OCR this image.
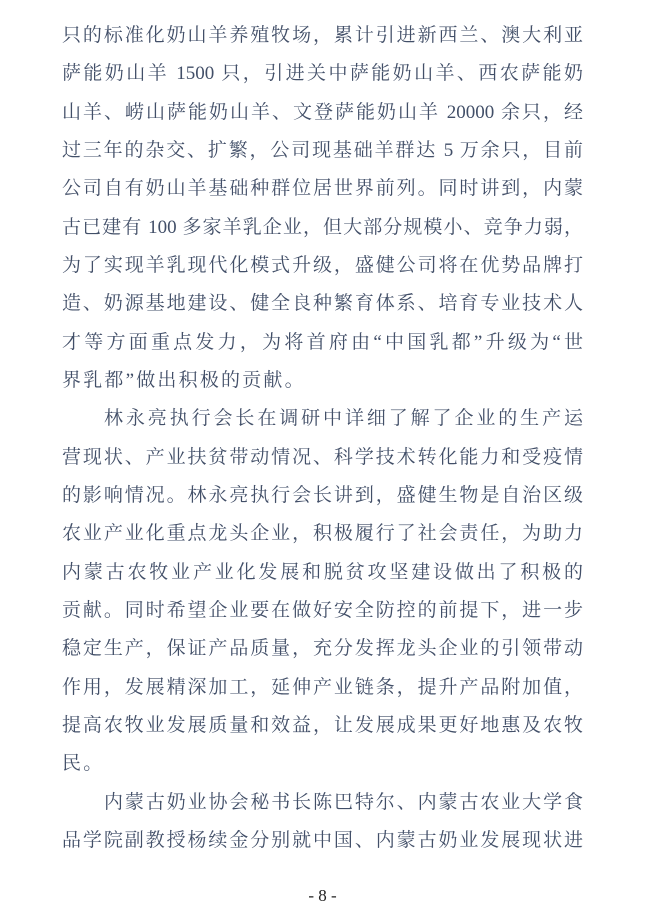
只的标准化奶山羊养殖牧场，累计引进新西兰、澳大利亚
萨能奶山羊 1500 只，引进关中萨能奶山羊、西农萨能奶
山羊、崂山萨能奶山羊、文登萨能奶山羊 20000 余只，经
过三年的杂交、扩繁，公司现基础羊群达 5 万余只，目前
公司自有奶山羊基础种群位居世界前列。同时讲到，内蒙
古已建有 100 多家羊乳企业，但大部分规模小、竞争力弱，
为了实现羊乳现代化模式升级，盛健公司将在优势品牌打
造、奶源基地建设、健全良种繁育体系、培育专业技术人
才等方面重点发力，为将首府由“中国乳都”升级为“世
界乳都”做出积极的贡献。
林永亮执行会长在调研中详细了解了企业的生产运
营现状、产业扶贫带动情况、科学技术转化能力和受疫情
的影响情况。林永亮执行会长讲到，盛健生物是自治区级
农业产业化重点龙头企业，积极履行了社会责任，为助力
内蒙古农牧业产业化发展和脱贫攻坚建设做出了积极的
贡献。同时希望企业要在做好安全防控的前提下，进一步
稳定生产，保证产品质量，充分发挥龙头企业的引领带动
作用，发展精深加工，延伸产业链条，提升产品附加值，
提高农牧业发展质量和效益，让发展成果更好地惠及农牧
民。
内蒙古奶业协会秘书长陈巴特尔、内蒙古农业大学食
品学院副教授杨续金分别就中国、内蒙古奶业发展现状进
- 8 -
